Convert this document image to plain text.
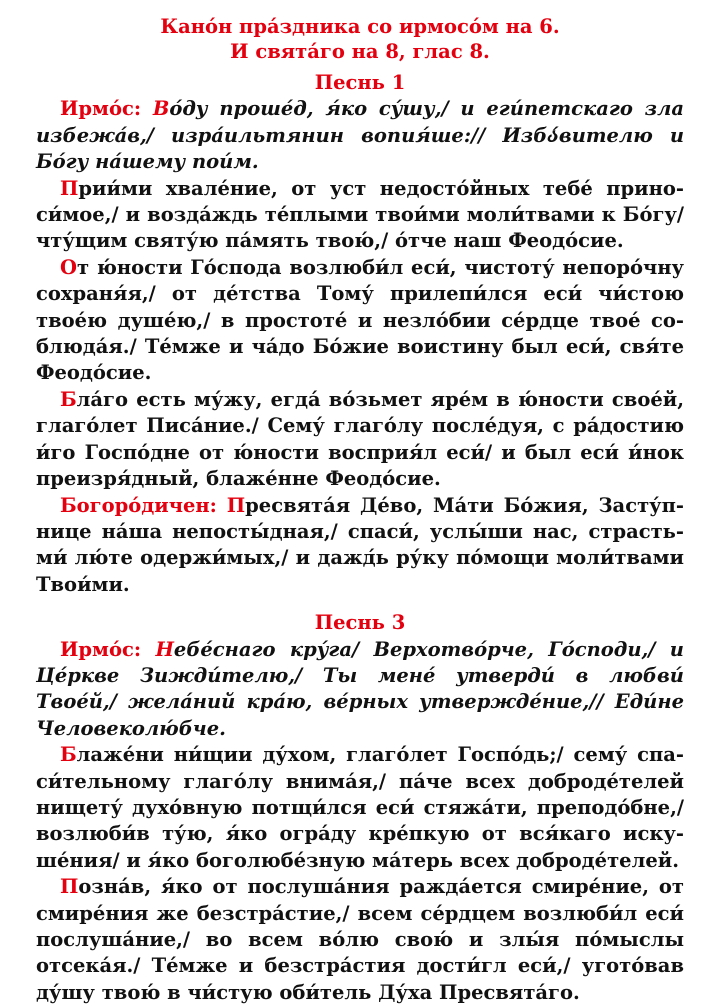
Кано́н пра́здника со ирмосо́м на 6.
И свята́го на 8, глас 8.
Песнь 1

Ирмо́с: Во́ду проше́д, я́ко су́шу,/ и еги́петскаго зла избежа́в,/ изра́ильтянин вопия́ше:// Избა́вителю и Бо́гу на́шему пои́м.

Прии́ми хвале́ние, от уст недосто́йных тебе́ прино-си́мое,/ и возда́ждь те́плыми твои́ми моли́твами к Бо́гу/ чту́щим святу́ю па́мять твою́,/ о́тче наш Феодо́сие.

От ю́ности Го́спода возлюби́л еси́, чистоту́ непоро́чну сохраня́я,/ от де́тства Тому́ прилепи́лся еси́ чи́стою твое́ю душе́ю,/ в простоте́ и незло́бии се́рдце твое́ со-блюда́я./ Те́мже и ча́до Бо́жие воистину был еси́, свя́те Феодо́сие.

Бла́го есть му́жу, егда́ во́зьмет яре́м в ю́ности свое́й, глаго́лет Писа́ние./ Сему́ глаго́лу после́дуя, с ра́достию и́го Госпо́дне от ю́ности восприя́л еси́/ и был еси́ и́нок преизря́дный, блаже́нне Феодо́сие.

Богоро́дичен: Пресвята́я Де́во, Ма́ти Бо́жия, Засту́п-нице на́ша непосты́дная,/ спаси́, услы́ши нас, страсть-ми́ лю́те одержи́мых,/ и дажд́ь ру́ку по́мощи моли́твами Твои́ми.

Песнь 3

Ирмо́с: Небе́снаго кру́га/ Верхотво́рче, Го́споди,/ и Це́ркве Зижди́телю,/ Ты мене́ утверди́ в любви́ Твое́й,/ жела́ний кра́ю, ве́рных утвержде́ние,// Еди́не Человеколю́бче.

Блаже́ни ни́щии ду́хом, глаго́лет Госпо́дь;/ сему́ спа-си́тельному глаго́лу внима́я,/ па́че всех доброде́телей нищету́ духо́вную потщи́лся еси́ стяжа́ти, преподо́бне,/ возлюби́в ту́ю, я́ко огра́ду кре́пкую от вся́каго иску-ше́ния/ и я́ко боголюбе́зную ма́терь всех доброде́телей.

Позна́в, я́ко от послуша́ния ражда́ется смире́ние, от смире́ния же безстра́стие,/ всем се́рдцем возлюби́л еси́ послуша́ние,/ во всем во́лю свою́ и злы́я по́мыслы отсека́я./ Те́мже и безстра́стия дости́гл еси́,/ угото́вав ду́шу твою́ в чи́стую оби́тель Ду́ха Пресвята́го.
